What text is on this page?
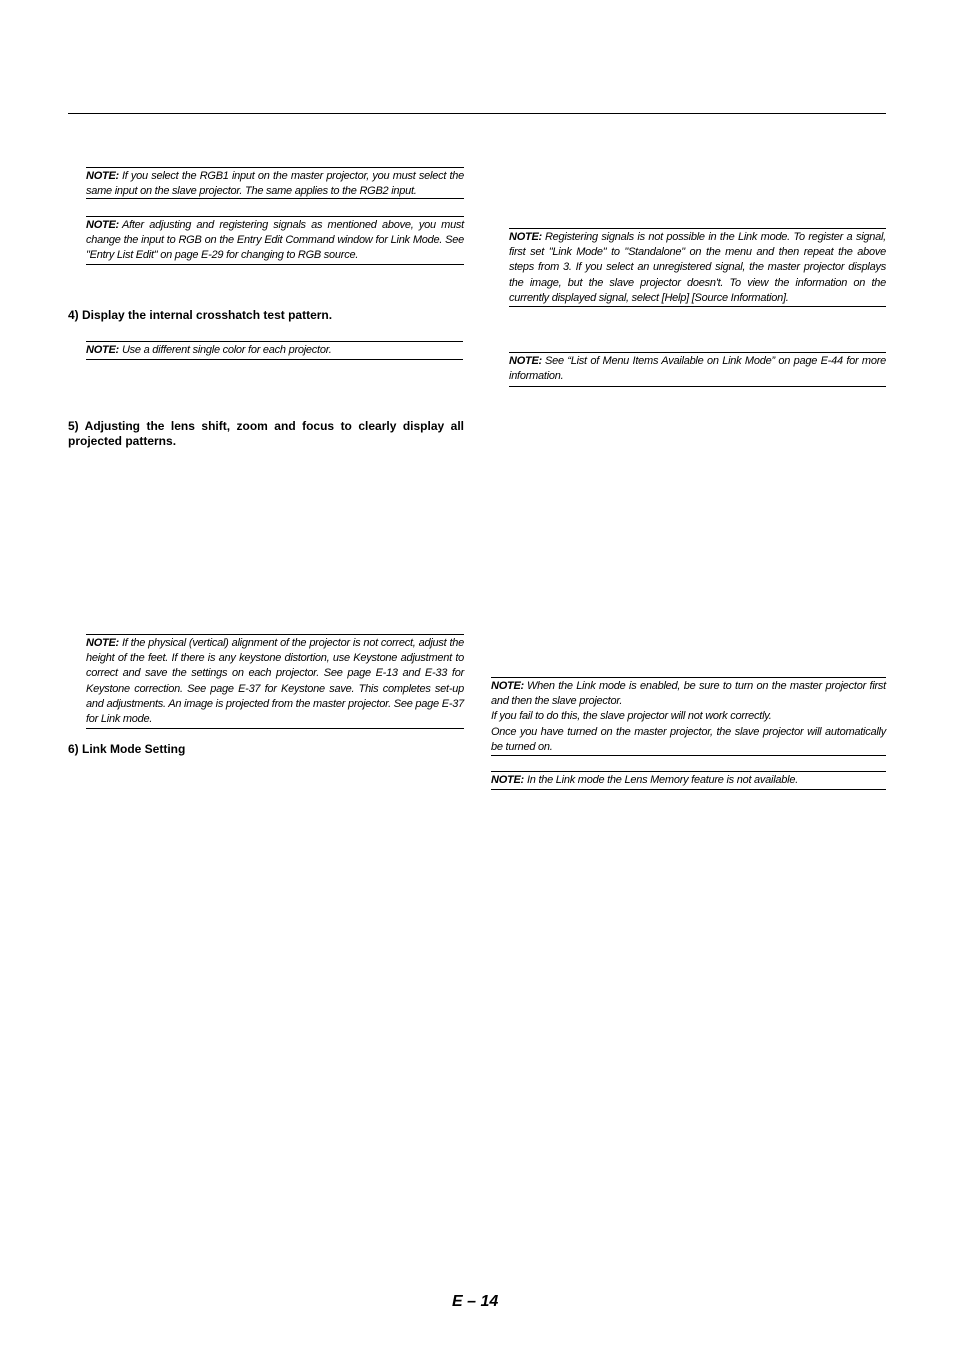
NOTE: If you select the RGB1 input on the master projector, you must select the same input on the slave projector. The same applies to the RGB2 input.
NOTE: After adjusting and registering signals as mentioned above, you must change the input to RGB on the Entry Edit Command window for Link Mode. See "Entry List Edit" on page E-29 for changing to RGB source.
4) Display the internal crosshatch test pattern.
NOTE: Use a different single color for each projector.
5) Adjusting the lens shift, zoom and focus to clearly display all projected patterns.
NOTE: If the physical (vertical) alignment of the projector is not correct, adjust the height of the feet. If there is any keystone distortion, use Keystone adjustment to correct and save the settings on each projector. See page E-13 and E-33 for Keystone correction. See page E-37 for Keystone save. This completes set-up and adjustments. An image is projected from the master projector. See page E-37 for Link mode.
6) Link Mode Setting
NOTE: Registering signals is not possible in the Link mode. To register a signal, first set "Link Mode" to "Standalone" on the menu and then repeat the above steps from 3. If you select an unregistered signal, the master projector displays the image, but the slave projector doesn't. To view the information on the currently displayed signal, select [Help] [Source Information].
NOTE: See “List of Menu Items Available on Link Mode” on page E-44 for more information.
NOTE: When the Link mode is enabled, be sure to turn on the master projector first and then the slave projector.
If you fail to do this, the slave projector will not work correctly.
Once you have turned on the master projector, the slave projector will automatically be turned on.
NOTE: In the Link mode the Lens Memory feature is not available.
E – 14
